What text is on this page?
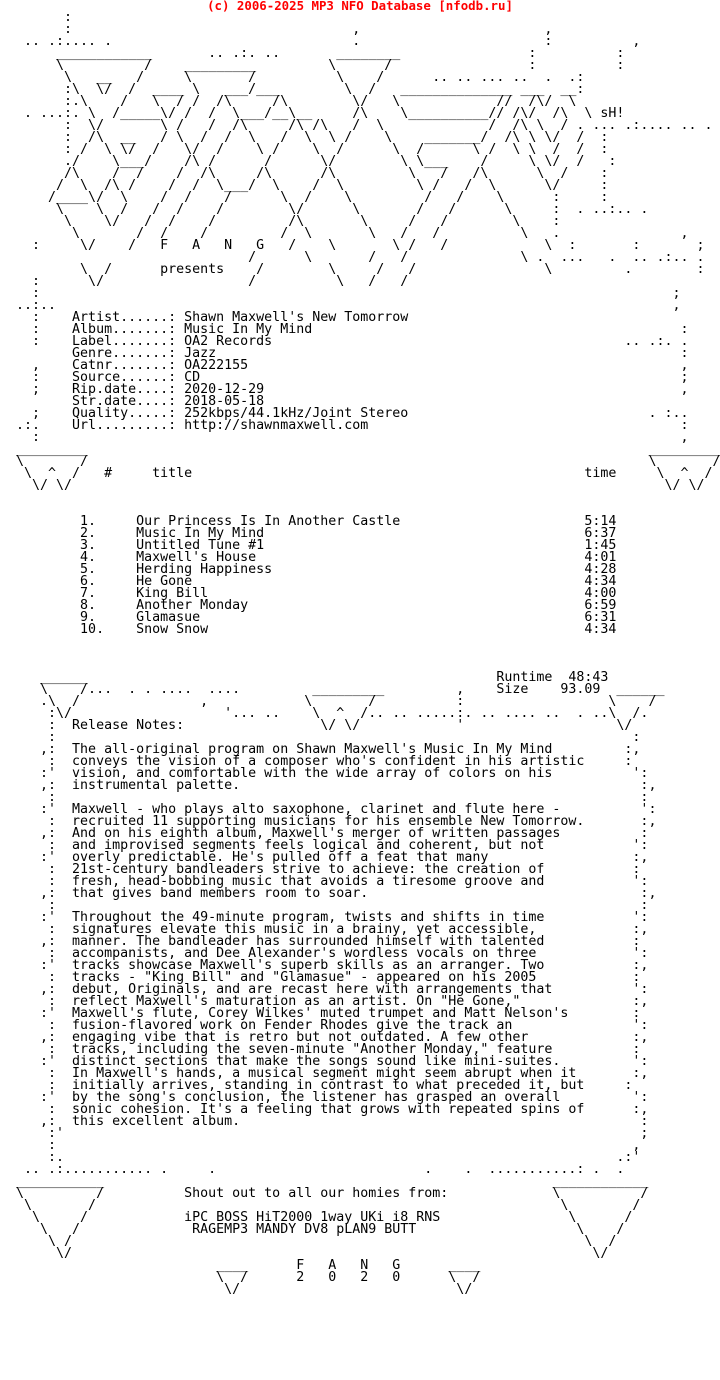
(c) 2006-2025 MP3 NFO Database [nfodb.ru]
:
:                                   ,                       ,
.. .:.... .                              .                       :          ,
____________       .. .:. ..       ________                :          :
\          /    _________         \      /                 :          :
\   __   /     \       /          \    /      .. .. ... ..  .  .:
:\  \/  /  ____ \   ___/___        \  /   ______________ ___  __:
:.\    /   \  / /  /\     /\        \/   \            //  /\/  \
. ...:. \  /_____\/ /  /  \___/__\__     /\    \__________// /\/  /\  \ sH!
:  \/       \ /   /  /\     /\ /\   /  \             /  /\ \  / . ... .:.... .. .
:  /\  __   / \  /  /  \   /  \  \ /    \    _______/  /\ \ \/  /  :
: /  \ \/  /   \/  /    \ /    \  /      \  /      \ /  \ \  /  /  :
./    \___/    /\ /      /      \/        \ \___    /     \ \/  /   :
/\    /  /    /  /\     /\      /\         \   /   /\      \  /    :
/  \  /\ /    /  /  \___/  \    /  \         \ /   /  \      \/     :
/____\/  \    /  /    /      \  /    \         /   /    \      :     :
\    \  /   /  /    /        \/      \       /   /      \     :  . ..:.. .
\    \/   /  /    /         /\       \     /   /        \    :
\       /  /    /         /  \       \   /   /          \   .               ,
:     \/    /   F   A   N   G   /    \       \ /   /            \  :       :       ;
/      \       /   /              \ .  ...   .  .. .:.. .
\  /      presents    /        \     /   /                \         .        :
:      \/                  /          \   /   /
:                                                                               ;
..:..                                                                             ,
:    Artist......: Shawn Maxwell's New Tomorrow
:    Album.......: Music In My Mind                                              :
:    Label.......: OA2 Records                                            .. .:. .
Genre.......: Jazz                                                          :
,    Catnr.......: OA222155                                                      ,
:    Source......: CD                                                            ;
;    Rip.date....: 2020-12-29                                                    ,
Str.date....: 2018-05-18
;    Quality.....: 252kbps/44.1kHz/Joint Stereo                              . :..
.:.    Url.........: http://shawnmaxwell.com                                       :
:                                                                                ,
_________                                                                      _________
\       /                                                                      \       /
\  ^  /   #     title                                                 time     \  ^  /
\/ \/                                                                          \/ \/
1.     Our Princess Is In Another Castle                       5:14
2.     Music In My Mind                                        6:37
3.     Untitled Tune #1                                        1:45
4.     Maxwell's House                                         4:01
5.     Herding Happiness                                       4:28
6.     He Gone                                                 4:34
7.     King Bill                                               4:00
8.     Another Monday                                          6:59
9.     Glamasue                                                6:31
10.    Snow Snow                                               4:34
______                                                   Runtime  48:43
\    /...  . . ....  ....         _________         ,    Size    93.09  ______
.\  /               ,            \       /          :                  \    /
:\/                   '... ..    \  ^  /.. .. .....:. .. .... ..  . ..\  /.
:  Release Notes:                 \/ \/            '                   \/
:                                                                        :
,:  The all-original program on Shawn Maxwell's Music In My Mind         :,
:  conveys the vision of a composer who's confident in his artistic     :
:'  vision, and comfortable with the wide array of colors on his          ':
,:  instrumental palette.                                                  :,
:                                                                         :
:'  Maxwell - who plays alto saxophone, clarinet and flute here -          ':
:  recruited 11 supporting musicians for his ensemble New Tomorrow.       :,
,:  And on his eighth album, Maxwell's merger of written passages          :
:  and improvised segments feels logical and coherent, but not           ':
:'  overly predictable. He's pulled off a feat that many                  :,
:  21st-century bandleaders strive to achieve: the creation of           :
:  fresh, head-bobbing music that avoids a tiresome groove and           ':
,:  that gives band members room to soar.                                  :,
:                                                                         :
:'  Throughout the 49-minute program, twists and shifts in time           ':
:  signatures elevate this music in a brainy, yet accessible,            :,
,:  manner. The bandleader has surrounded himself with talented           :
:  accompanists, and Dee Alexander's wordless vocals on three            ':
:'  tracks showcase Maxwell's superb skills as an arranger. Two           :,
:  tracks - "King Bill" and "Glamasue" - appeared on his 2005            :
,:  debut, Originals, and are recast here with arrangements that          ':
:  reflect Maxwell's maturation as an artist. On "He Gone,"              :,
:'  Maxwell's flute, Corey Wilkes' muted trumpet and Matt Nelson's        :
:  fusion-flavored work on Fender Rhodes give the track an               ':
,:  engaging vibe that is retro but not outdated. A few other             :,
:  tracks, including the seven-minute "Another Monday," feature          :
:'  distinct sections that make the songs sound like mini-suites.         ':
:  In Maxwell's hands, a musical segment might seem abrupt when it       :,
:  initially arrives, standing in contrast to what preceded it, but     :
:'  by the song's conclusion, the listener has grasped an overall         ':
:  sonic cohesion. It's a feeling that grows with repeated spins of      :,
,:  this excellent album.                                                  :
:'                                                                        ;
:                                                                        ,
:.                                                                     .:'
.. .:........... .     .                          .    .  ...........: .  .
___________                                                        ____________
\         /          Shout out to all our homies from:             \          /
\       /                                                          \        /
\     /            iPC BOSS HiT2000 1way UKi i8 RNS                \      /
\   /              RAGEMP3 MANDY DV8 pLAN9 BUTT                    \    /
\ /                                                                \  /
\/                                                                 \/
____      F   A   N   G      ____
\  /      2   0   2   0      \  /
\/                           \/
